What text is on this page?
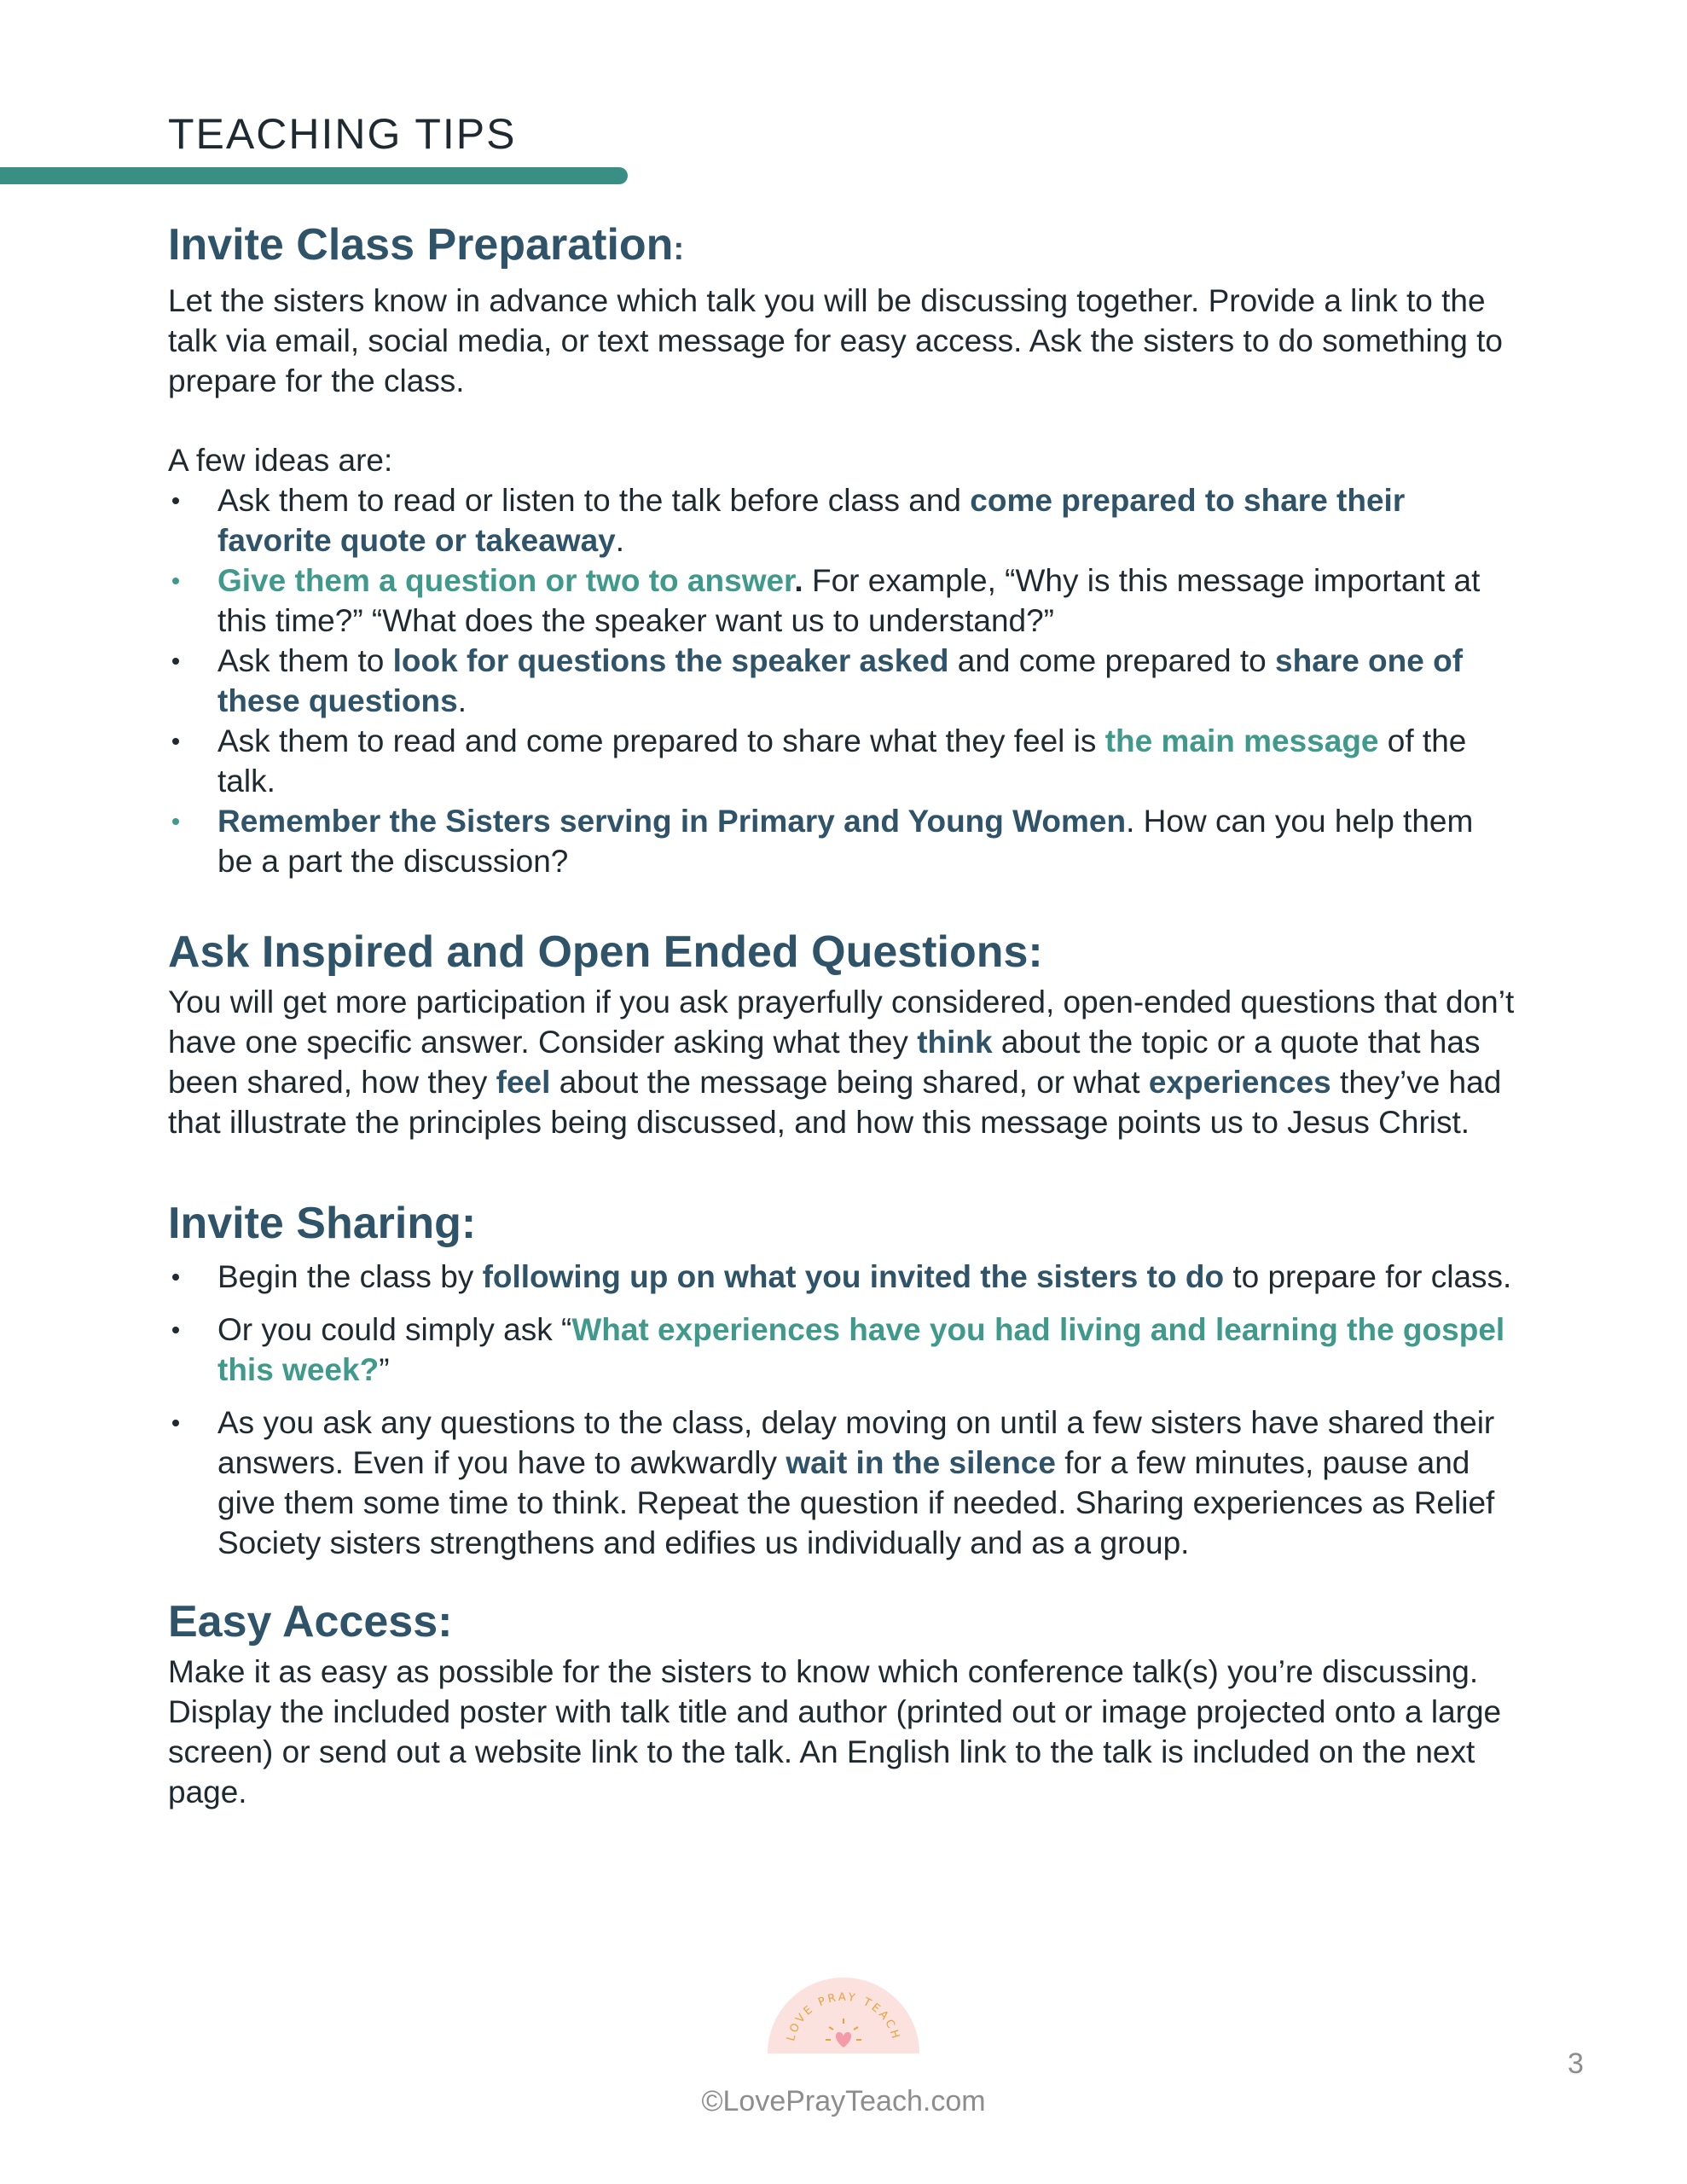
TEACHING TIPS
Invite Class Preparation:

Let the sisters know in advance which talk you will be discussing together. Provide a link to the talk via email, social media, or text message for easy access. Ask the sisters to do something to prepare for the class.

A few ideas are:

Ask them to read or listen to the talk before class and come prepared to share their favorite quote or takeaway.
Give them a question or two to answer. For example, “Why is this message important at this time?” “What does the speaker want us to understand?”
Ask them to look for questions the speaker asked and come prepared to share one of these questions.
Ask them to read and come prepared to share what they feel is the main message of the talk.
Remember the Sisters serving in Primary and Young Women. How can you help them be a part the discussion?
Ask Inspired and Open Ended Questions:

You will get more participation if you ask prayerfully considered, open-ended questions that don’t have one specific answer. Consider asking what they think about the topic or a quote that has been shared, how they feel about the message being shared, or what experiences they’ve had that illustrate the principles being discussed, and how this message points us to Jesus Christ.

Invite Sharing:
Begin the class by following up on what you invited the sisters to do to prepare for class.
Or you could simply ask “What experiences have you had living and learning the gospel this week?”
As you ask any questions to the class, delay moving on until a few sisters have shared their answers. Even if you have to awkwardly wait in the silence for a few minutes, pause and give them some time to think. Repeat the question if needed. Sharing experiences as Relief Society sisters strengthens and edifies us individually and as a group.
Easy Access:

Make it as easy as possible for the sisters to know which conference talk(s) you’re discussing. Display the included poster with talk title and author (printed out or image projected onto a large screen) or send out a website link to the talk. An English link to the talk is included on the next page.

LOVE PRAY TEACH
©LovePrayTeach.com
3
